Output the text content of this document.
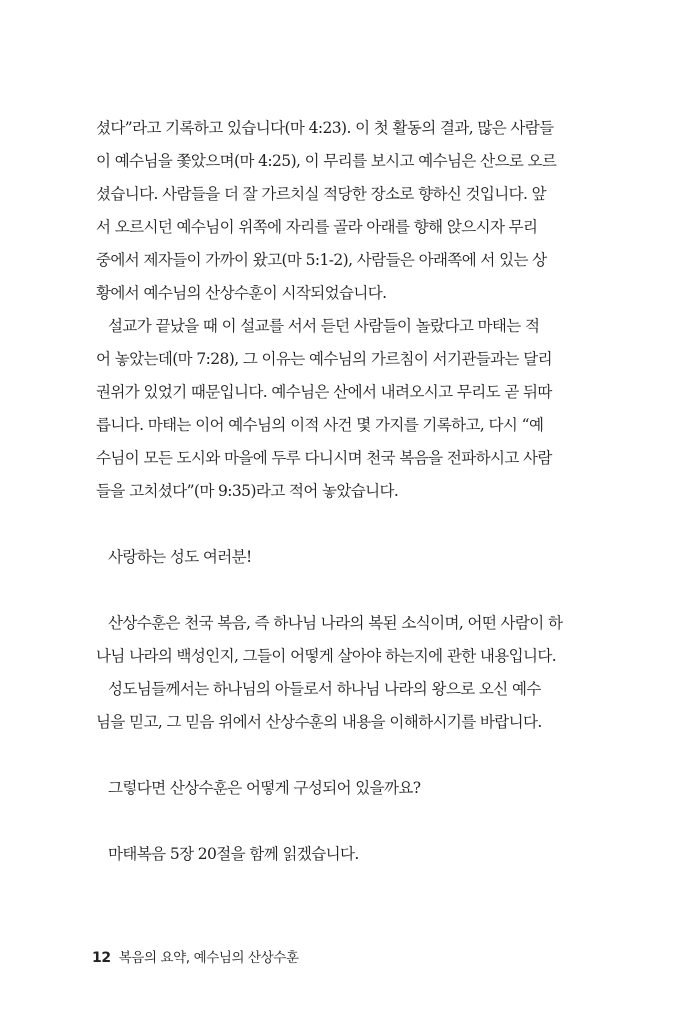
셨다”라고 기록하고 있습니다(마 4:23). 이 첫 활동의 결과, 많은 사람들
이 예수님을 쫓았으며(마 4:25), 이 무리를 보시고 예수님은 산으로 오르
셨습니다. 사람들을 더 잘 가르치실 적당한 장소로 향하신 것입니다. 앞
서 오르시던 예수님이 위쪽에 자리를 골라 아래를 향해 앉으시자 무리
중에서 제자들이 가까이 왔고(마 5:1-2), 사람들은 아래쪽에 서 있는 상
황에서 예수님의 산상수훈이 시작되었습니다.
설교가 끝났을 때 이 설교를 서서 듣던 사람들이 놀랐다고 마태는 적
어 놓았는데(마 7:28), 그 이유는 예수님의 가르침이 서기관들과는 달리
권위가 있었기 때문입니다. 예수님은 산에서 내려오시고 무리도 곧 뒤따
릅니다. 마태는 이어 예수님의 이적 사건 몇 가지를 기록하고, 다시 “예
수님이 모든 도시와 마을에 두루 다니시며 천국 복음을 전파하시고 사람
들을 고치셨다”(마 9:35)라고 적어 놓았습니다.
사랑하는 성도 여러분!
산상수훈은 천국 복음, 즉 하나님 나라의 복된 소식이며, 어떤 사람이 하
나님 나라의 백성인지, 그들이 어떻게 살아야 하는지에 관한 내용입니다.
성도님들께서는 하나님의 아들로서 하나님 나라의 왕으로 오신 예수
님을 믿고, 그 믿음 위에서 산상수훈의 내용을 이해하시기를 바랍니다.
그렇다면 산상수훈은 어떻게 구성되어 있을까요?
마태복음 5장 20절을 함께 읽겠습니다.
12 복음의 요약, 예수님의 산상수훈
